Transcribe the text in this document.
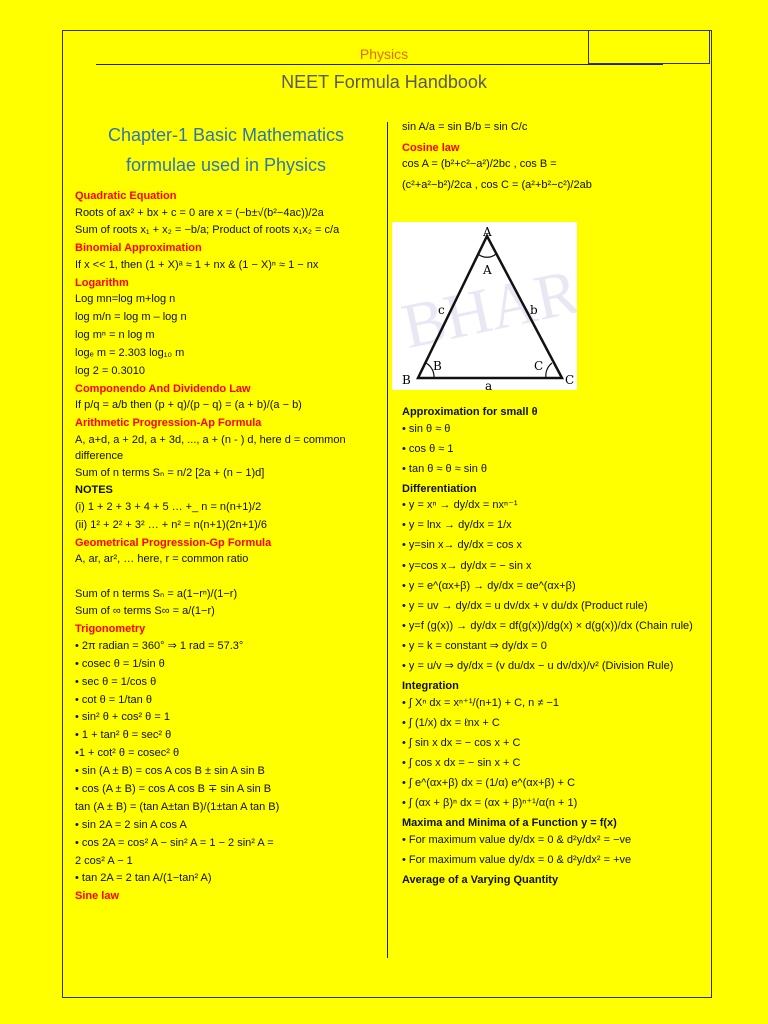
Physics
NEET Formula Handbook
Chapter-1 Basic Mathematics
formulae used in Physics
Quadratic Equation
Roots of ax² + bx + c = 0 are x = (−b±√(b²−4ac))/2a
Sum of roots x₁ + x₂ = −b/a; Product of roots x₁x₂ = c/a
Binomial Approximation
If x << 1, then (1 + X)ᵃ ≈ 1 + nx & (1 − X)ⁿ ≈ 1 − nx
Logarithm
Log mn=log m+log n
log m/n = log m – log n
log mⁿ = n log m
logₑ m = 2.303 log₁₀ m
log 2 = 0.3010
Componendo And Dividendo Law
If p/q = a/b then (p + q)/(p − q) = (a + b)/(a − b)
Arithmetic Progression-Ap Formula
A, a+d, a + 2d, a + 3d, ..., a + (n - ) d, here d = common difference
Sum of n terms Sₙ = n/2 [2a + (n − 1)d]
NOTES
(i) 1 + 2 + 3 + 4 + 5 … +_ n = n(n+1)/2
(ii) 1² + 2² + 3² … + n² = n(n+1)(2n+1)/6
Geometrical Progression-Gp Formula
A, ar, ar², … here, r = common ratio
Sum of n terms Sₙ = a(1−rⁿ)/(1−r)
Sum of ∞ terms S∞ = a/(1−r)
Trigonometry
• 2π radian = 360° ⇒ 1 rad = 57.3°
• cosec θ = 1/sin θ
• sec θ = 1/cos θ
• cot θ = 1/tan θ
• sin² θ + cos² θ = 1
• 1 + tan² θ = sec² θ
•1 + cot² θ = cosec² θ
• sin (A ± B) = cos A cos B ± sin A sin B
• cos (A ± B) = cos A cos B ∓ sin A sin B
tan (A ± B) = (tan A±tan B)/(1±tan A tan B)
• sin 2A = 2 sin A cos A
• cos 2A = cos² A − sin² A = 1 − 2 sin² A =
2 cos² A − 1
• tan 2A = 2 tan A/(1−tan² A)
Sine law
sin A/a = sin B/b = sin C/c
Cosine law
cos A = (b²+c²−a²)/2bc , cos B =
(c²+a²−b²)/2ca , cos C = (a²+b²−c²)/2ab
BHARAT
A
A
B
B
C
C
c	b
a
Approximation for small θ
• sin θ ≈ θ
• cos θ ≈ 1
• tan θ ≈ θ ≈ sin θ
Differentiation
• y = xⁿ → dy/dx = nxⁿ⁻¹
• y = lnx → dy/dx = 1/x
• y=sin x→ dy/dx = cos x
• y=cos x→ dy/dx = − sin x
• y = e^(αx+β) → dy/dx = αe^(αx+β)
• y = uv → dy/dx = u dv/dx + v du/dx (Product rule)
• y=f (g(x)) → dy/dx = df(g(x))/dg(x) × d(g(x))/dx (Chain rule)
• y = k = constant ⇒ dy/dx = 0
• y = u/v ⇒ dy/dx = (v du/dx − u dv/dx)/v² (Division Rule)
Integration
• ∫ Xⁿ dx = xⁿ⁺¹/(n+1) + C, n ≠ −1
• ∫ (1/x) dx = ℓnx + C
• ∫ sin x dx = − cos x + C
• ∫ cos x dx = − sin x + C
• ∫ e^(αx+β) dx = (1/α) e^(αx+β) + C
• ∫ (αx + β)ⁿ dx = (αx + β)ⁿ⁺¹/α(n + 1)
Maxima and Minima of a Function y = f(x)
• For maximum value dy/dx = 0 & d²y/dx² = −ve
• For maximum value dy/dx = 0 & d²y/dx² = +ve
Average of a Varying Quantity
